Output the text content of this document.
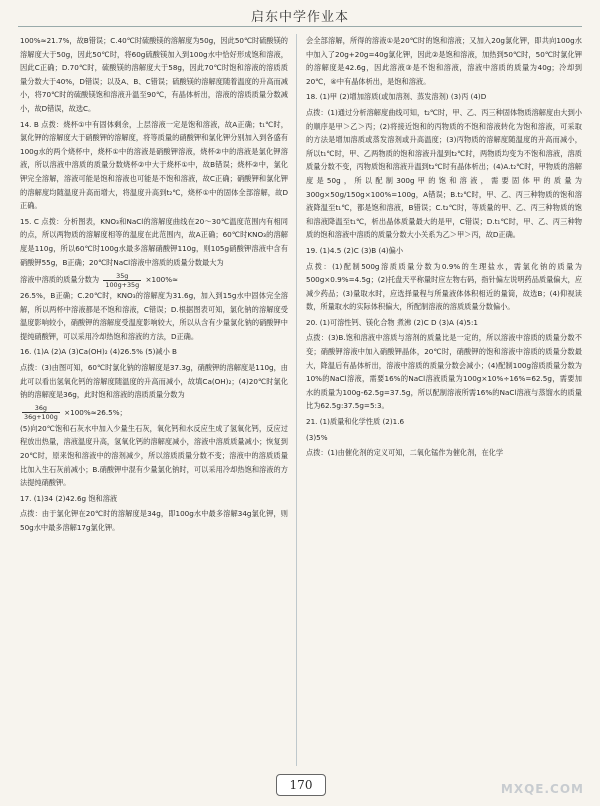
启东中学作业本

100%≈21.7%，故B错误；C.40℃时硫酸镁的溶解度为50g，因此50℃时硫酸镁的溶解度大于50g，因此50℃时，将60g硫酸镁加入到100g水中恰好形成饱和溶液，因此C正确；D.70℃时，硫酸镁的溶解度大于58g，因此70℃时饱和溶液的溶质质量分数大于40%，D错误；以及A、B、C错误；硫酸镁的溶解度随着温度的升高而减小，将70℃时的硫酸镁饱和溶液升温至90℃，有晶体析出，溶液的溶质质量分数减小，故D错误，故选C。

14. B 点拨：烧杯①中有固体剩余，上层溶液一定是饱和溶液，故A正确；t₁℃时，氯化钾的溶解度大于硝酸钾的溶解度，将等质量的硝酸钾和氯化钾分别加入到各盛有100g水的两个烧杯中，烧杯①中的溶液是硝酸钾溶液，烧杯②中的溶液是氯化钾溶液，所以溶液中溶质的质量分数烧杯②中大于烧杯①中，故B错误；烧杯②中，氯化钾完全溶解，溶液可能是饱和溶液也可能是不饱和溶液，故C正确；硝酸钾和氯化钾的溶解度均随温度升高而增大，将温度升高到t₂℃，烧杯①中的固体全部溶解，故D正确。

15. C 点拨：分析图表，KNO₃和NaCl的溶解度曲线在20～30℃温度范围内有相同的点，所以两物质的溶解度相等的温度在此范围内，故A正确；60℃时KNO₃的溶解度是110g，所以60℃时100g水最多溶解硝酸钾110g，则105g硝酸钾溶液中含有硝酸钾55g，B正确；20℃时NaCl溶液中溶质的质量分数最大为

溶液中溶质的质量分数为 $\frac{35g}{100g+35g} \times 100\%\approx$

26.5%，B正确；C.20℃时，KNO₃的溶解度为31.6g，加入到15g水中固体完全溶解，所以两杯中溶液都是不饱和溶液，C错误；D.根据图表可知，氯化钠的溶解度受温度影响较小，硝酸钾的溶解度受温度影响较大，所以从含有少量氯化钠的硝酸钾中提纯硝酸钾，可以采用冷却热饱和溶液的方法，D正确。

16. (1)A (2)A (3)Ca(OH)₂ (4)26.5% (5)减小 B

点拨：(3)由图可知，60℃时氯化钠的溶解度是37.3g，硝酸钾的溶解度是110g，由此可以看出氢氧化钙的溶解度随温度的升高而减小，故填Ca(OH)₂；(4)20℃时氯化钠的溶解度是36g，此时饱和溶液的溶质质量分数为

$\frac{36g}{36g+100g} \times 100\%\approx 26.5\%$；

(5)向20℃饱和石灰水中加入少量生石灰，氧化钙和水反应生成了氢氧化钙，反应过程放出热量，溶液温度升高，氢氧化钙的溶解度减小，溶液中溶质质量减小；恢复到20℃时，原来饱和溶液中的溶剂减少，所以溶质质量分数不变；溶液中的溶质质量比加入生石灰前减小；B.硝酸钾中混有少量氯化钠时，可以采用冷却热饱和溶液的方法提纯硝酸钾。

17. (1)34 (2)42.6g 饱和溶液

点拨：由于氯化钾在20℃时的溶解度是34g，即100g水中最多溶解34g氯化钾，则50g水中最多溶解17g氯化钾。

会全部溶解，所得的溶液①是20℃时的饱和溶液；又加入20g氯化钾，即共向100g水中加入了20g+20g=40g氯化钾，因此②是饱和溶液，加热到50℃时，50℃时氯化钾的溶解度是42.6g，因此溶液③是不饱和溶液，溶液中溶质的质量为40g；冷却到20℃，④中有晶体析出，是饱和溶液。

18. (1)甲 (2)增加溶质(或加溶剂、蒸发溶剂) (3)丙 (4)D

点拨：(1)通过分析溶解度曲线可知，t₂℃时，甲、乙、丙三种固体物质溶解度由大到小的顺序是甲＞乙＞丙；(2)将接近饱和的丙物质的不饱和溶液转化为饱和溶液，可采取的方法是增加溶质或蒸发溶剂或升高温度；(3)丙物质的溶解度随温度的升高而减小，所以t₁℃时，甲、乙两物质的饱和溶液升温到t₂℃时，两物质均变为不饱和溶液，溶质质量分数不变，丙物质饱和溶液升温到t₂℃时有晶体析出；(4)A.t₂℃时，甲物质的溶解度是50g，所以配制300g甲的饱和溶液，需要固体甲的质量为300g×50g/150g×100%=100g，A错误；B.t₂℃时，甲、乙、丙三种物质的饱和溶液降温至t₁℃，都是饱和溶液，B错误；C.t₂℃时，等质量的甲、乙、丙三种物质的饱和溶液降温至t₁℃，析出晶体质量最大的是甲，C错误；D.t₁℃时，甲、乙、丙三种物质的饱和溶液中溶质的质量分数大小关系为乙＞甲＞丙，故D正确。

19. (1)4.5 (2)C (3)B (4)偏小

点拨：(1)配制500g溶质质量分数为0.9%的生理盐水，需氯化钠的质量为500g×0.9%=4.5g；(2)托盘天平称量时应左物右码，指针偏左说明药品质量偏大，应减少药品；(3)量取水时，应选择量程与所量液体体积相近的量筒，故选B；(4)仰视读数，所量取水的实际体积偏大，所配制溶液的溶质质量分数偏小。

20. (1)可溶性钙、镁化合物 煮沸 (2)C D (3)A (4)5:1

点拨：(3)B.饱和溶液中溶质与溶剂的质量比是一定的，所以溶液中溶质的质量分数不变；硝酸钾溶液中加入硝酸钾晶体，20℃时，硝酸钾的饱和溶液中溶质的质量分数最大，降温后有晶体析出，溶液中溶质的质量分数会减小；(4)配制100g溶质质量分数为10%的NaCl溶液，需要16%的NaCl溶液质量为100g×10%÷16%=62.5g，需要加水的质量为100g-62.5g=37.5g，所以配制溶液所需16%的NaCl溶液与蒸馏水的质量比为62.5g:37.5g=5:3。

21. (1)质量和化学性质 (2)1.6

(3)5%

点拨：(1)由催化剂的定义可知，二氧化锰作为催化剂，在化学

170	MXQE.COM
